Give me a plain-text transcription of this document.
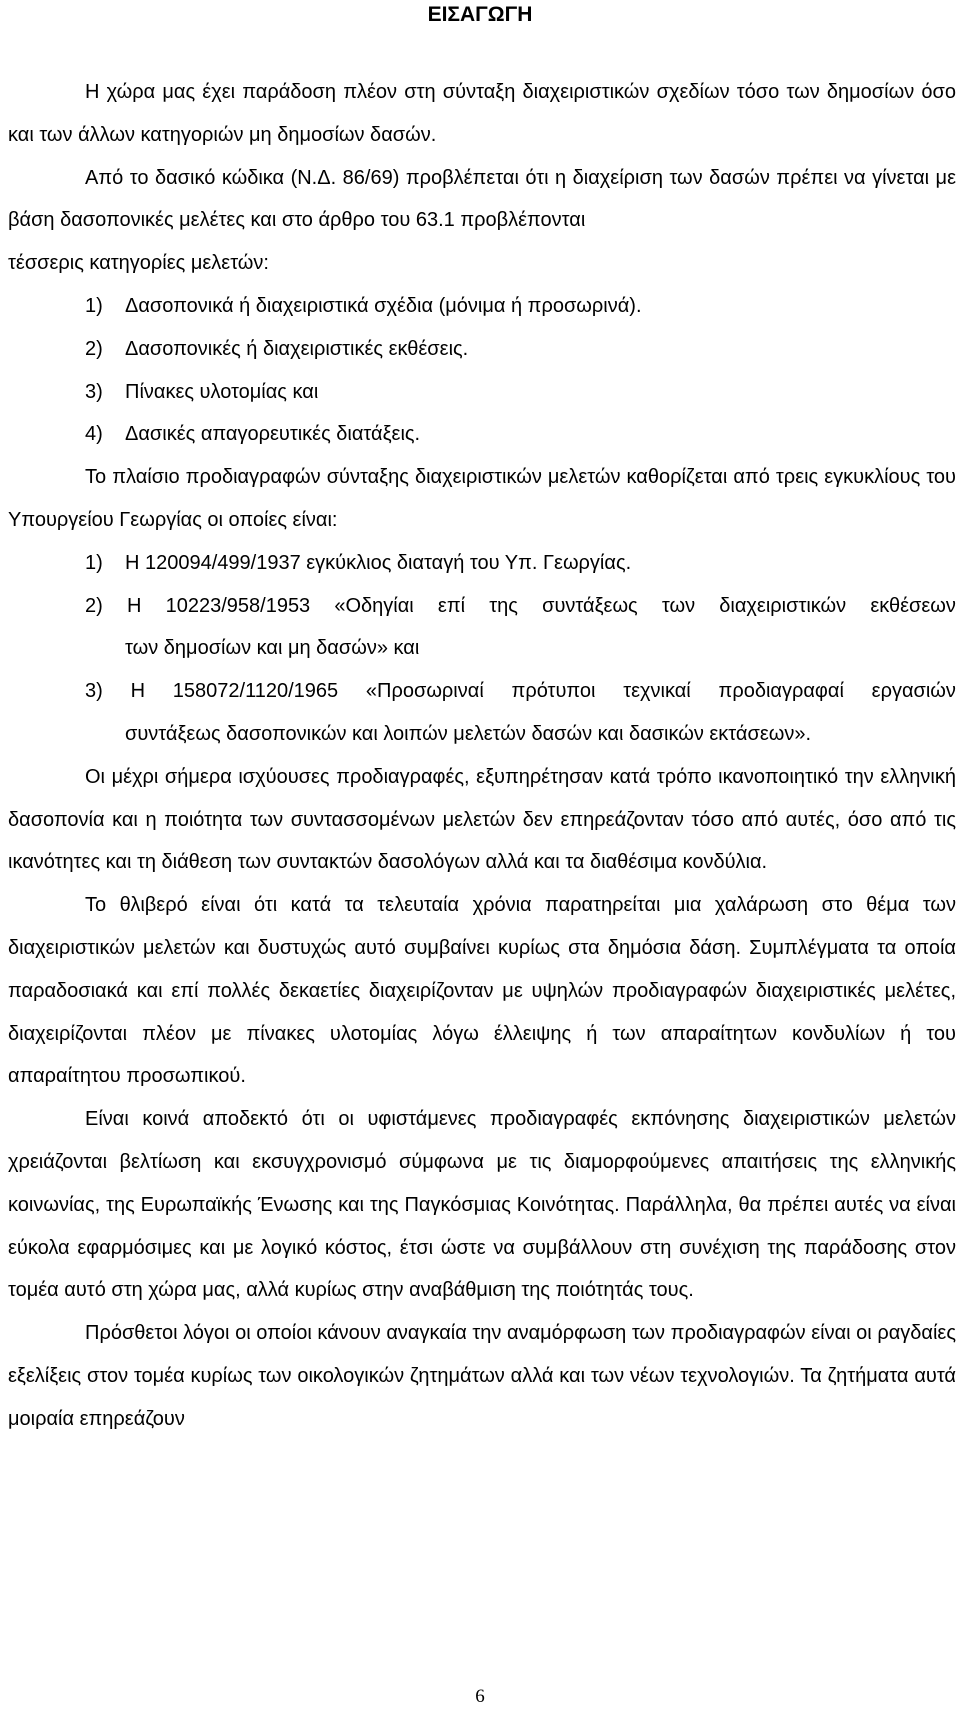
ΕΙΣΑΓΩΓΗ

Η χώρα μας έχει παράδοση πλέον στη σύνταξη διαχειριστικών σχεδίων τόσο των δημοσίων όσο και των άλλων κατηγοριών μη δημοσίων δασών.

Από το δασικό κώδικα (Ν.Δ. 86/69) προβλέπεται ότι η διαχείριση των δασών πρέπει να γίνεται με βάση δασοπονικές μελέτες και στο άρθρο του 63.1 προβλέπονται

τέσσερις κατηγορίες μελετών:

1) Δασοπονικά ή διαχειριστικά σχέδια (μόνιμα ή προσωρινά).

2) Δασοπονικές ή διαχειριστικές εκθέσεις.

3) Πίνακες υλοτομίας και

4) Δασικές απαγορευτικές διατάξεις.

Το πλαίσιο προδιαγραφών σύνταξης διαχειριστικών μελετών καθορίζεται από τρεις εγκυκλίους του Υπουργείου Γεωργίας οι οποίες είναι:

1) Η 120094/499/1937 εγκύκλιος διαταγή του Υπ. Γεωργίας.

2) Η 10223/958/1953 «Οδηγίαι επί της συντάξεως των διαχειριστικών εκθέσεων
των δημοσίων και μη δασών» και
3) Η 158072/1120/1965 «Προσωριναί πρότυποι τεχνικαί προδιαγραφαί εργασιών
συντάξεως δασοπονικών και λοιπών μελετών δασών και δασικών εκτάσεων».

Οι μέχρι σήμερα ισχύουσες προδιαγραφές, εξυπηρέτησαν κατά τρόπο ικανοποιητικό την ελληνική δασοπονία και η ποιότητα των συντασσομένων μελετών δεν επηρεάζονταν τόσο από αυτές, όσο από τις ικανότητες και τη διάθεση των συντακτών δασολόγων αλλά και τα διαθέσιμα κονδύλια.

Το θλιβερό είναι ότι κατά τα τελευταία χρόνια παρατηρείται μια χαλάρωση στο θέμα των διαχειριστικών μελετών και δυστυχώς αυτό συμβαίνει κυρίως στα δημόσια δάση. Συμπλέγματα τα οποία παραδοσιακά και επί πολλές δεκαετίες διαχειρίζονταν με υψηλών προδιαγραφών διαχειριστικές μελέτες, διαχειρίζονται πλέον με πίνακες υλοτομίας λόγω έλλειψης ή των απαραίτητων κονδυλίων ή του απαραίτητου προσωπικού.

Είναι κοινά αποδεκτό ότι οι υφιστάμενες προδιαγραφές εκπόνησης διαχειριστικών μελετών χρειάζονται βελτίωση και εκσυγχρονισμό σύμφωνα με τις διαμορφούμενες απαιτήσεις της ελληνικής κοινωνίας, της Ευρωπαϊκής Ένωσης και της Παγκόσμιας Κοινότητας. Παράλληλα, θα πρέπει αυτές να είναι εύκολα εφαρμόσιμες και με λογικό κόστος, έτσι ώστε να συμβάλλουν στη συνέχιση της παράδοσης στον τομέα αυτό στη χώρα μας, αλλά κυρίως στην αναβάθμιση της ποιότητάς τους.

Πρόσθετοι λόγοι οι οποίοι κάνουν αναγκαία την αναμόρφωση των προδιαγραφών είναι οι ραγδαίες εξελίξεις στον τομέα κυρίως των οικολογικών ζητημάτων αλλά και των νέων τεχνολογιών. Τα ζητήματα αυτά μοιραία επηρεάζουν

6
